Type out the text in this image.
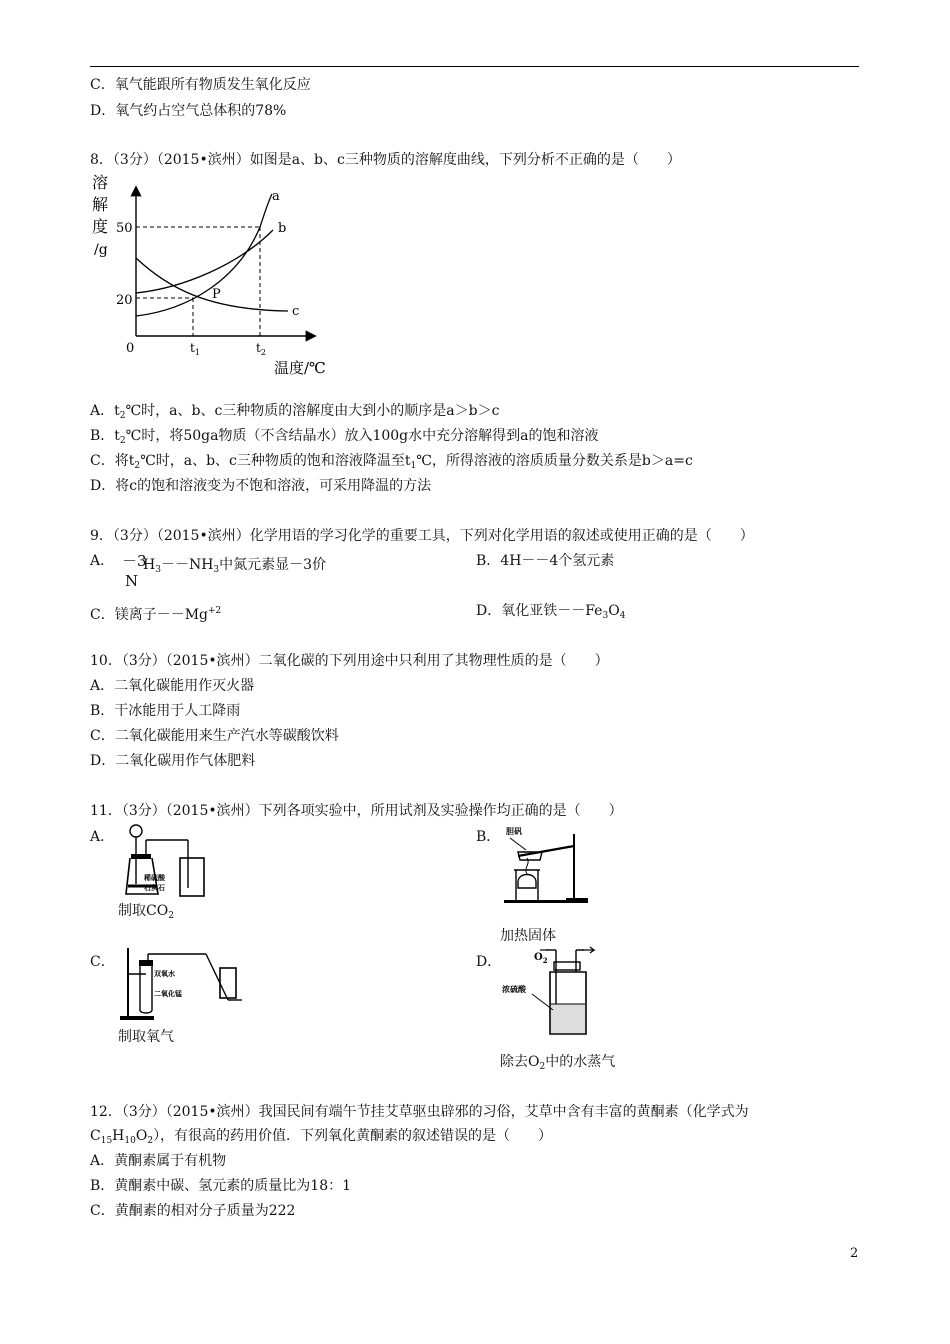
C．氧气能跟所有物质发生氧化反应
D．氧气约占空气总体积的78%
8．（3分）（2015•滨州）如图是a、b、c三种物质的溶解度曲线，下列分析不正确的是（　　）
溶
解
度
/g
a
b
c
P
50
20
0	$t_1$	$t_2$
温度/℃
A．$t_2℃$时，a、b、c三种物质的溶解度由大到小的顺序是a＞b＞c
B．$t_2℃$时，将50ga物质（不含结晶水）放入100g水中充分溶解得到a的饱和溶液
C．将$t_2℃$时，a、b、c三种物质的饱和溶液降温至$t_1℃$，所得溶液的溶质质量分数关系是b＞a=c
D．将c的饱和溶液变为不饱和溶液，可采用降温的方法
9．（3分）（2015•滨州）化学用语的学习化学的重要工具，下列对化学用语的叙述或使用正确的是（　　）
A． －3
N
$H_3--NH_3$中氮元素显－3价	B．4H－－4个氢元素
C．镁离子$--Mg^{+2}$	D．氧化亚铁$--Fe_3O_4$
10．（3分）（2015•滨州）二氧化碳的下列用途中只利用了其物理性质的是（　　）
A．二氧化碳能用作灭火器
B．干冰能用于人工降雨
C．二氧化碳能用来生产汽水等碳酸饮料
D．二氧化碳用作气体肥料
11．（3分）（2015•滨州）下列各项实验中，所用试剂及实验操作均正确的是（　　）
A．
稀硫酸
石灰石
制取$CO_2$
B． 胆矾
加热固体
C．
双氧水
二氧化锰
制取氧气
D．	$O_2$
浓硫酸
除去$O_2$中的水蒸气
12．（3分）（2015•滨州）我国民间有端午节挂艾草驱虫辟邪的习俗，艾草中含有丰富的黄酮素（化学式为
$C_{15}H_{10}O_2$），有很高的药用价值．下列氧化黄酮素的叙述错误的是（　　）
A．黄酮素属于有机物
B．黄酮素中碳、氢元素的质量比为18：1
C．黄酮素的相对分子质量为222
2
